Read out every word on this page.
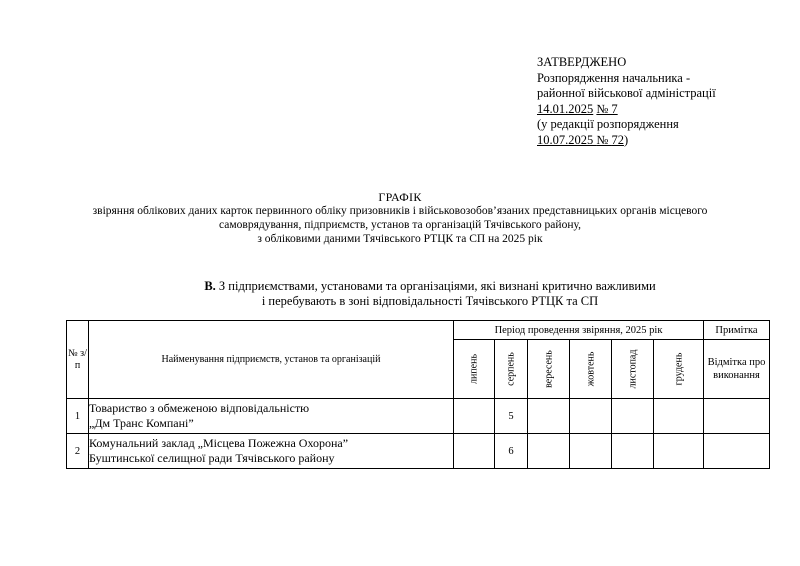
ЗАТВЕРДЖЕНО
Розпорядження начальника -
районної військової адміністрації
14.01.2025 № 7
(у редакції розпорядження
10.07.2025 № 72)
ГРАФІК
звіряння облікових даних карток первинного обліку призовників і військовозобов’язаних представницьких органів місцевого
самоврядування, підприємств, установ та організацій Тячівського району,
з обліковими даними Тячівського РТЦК та СП на 2025 рік
В. З підприємствами, установами та організаціями, які визнані критично важливими
і перебувають в зоні відповідальності Тячівського РТЦК та СП
№ з/п	Найменування підприємств, установ та організацій	Період проведення звіряння, 2025 рік						Примітка

		липень	серпень	вересень	жовтень	листопад	грудень	Відмітка про виконання
1	Товариство з обмеженою відповідальністю
„Дм Транс Компані”		5					
2	Комунальний заклад „Місцева Пожежна Охорона”
Буштинської селищної ради Тячівського району		6					
